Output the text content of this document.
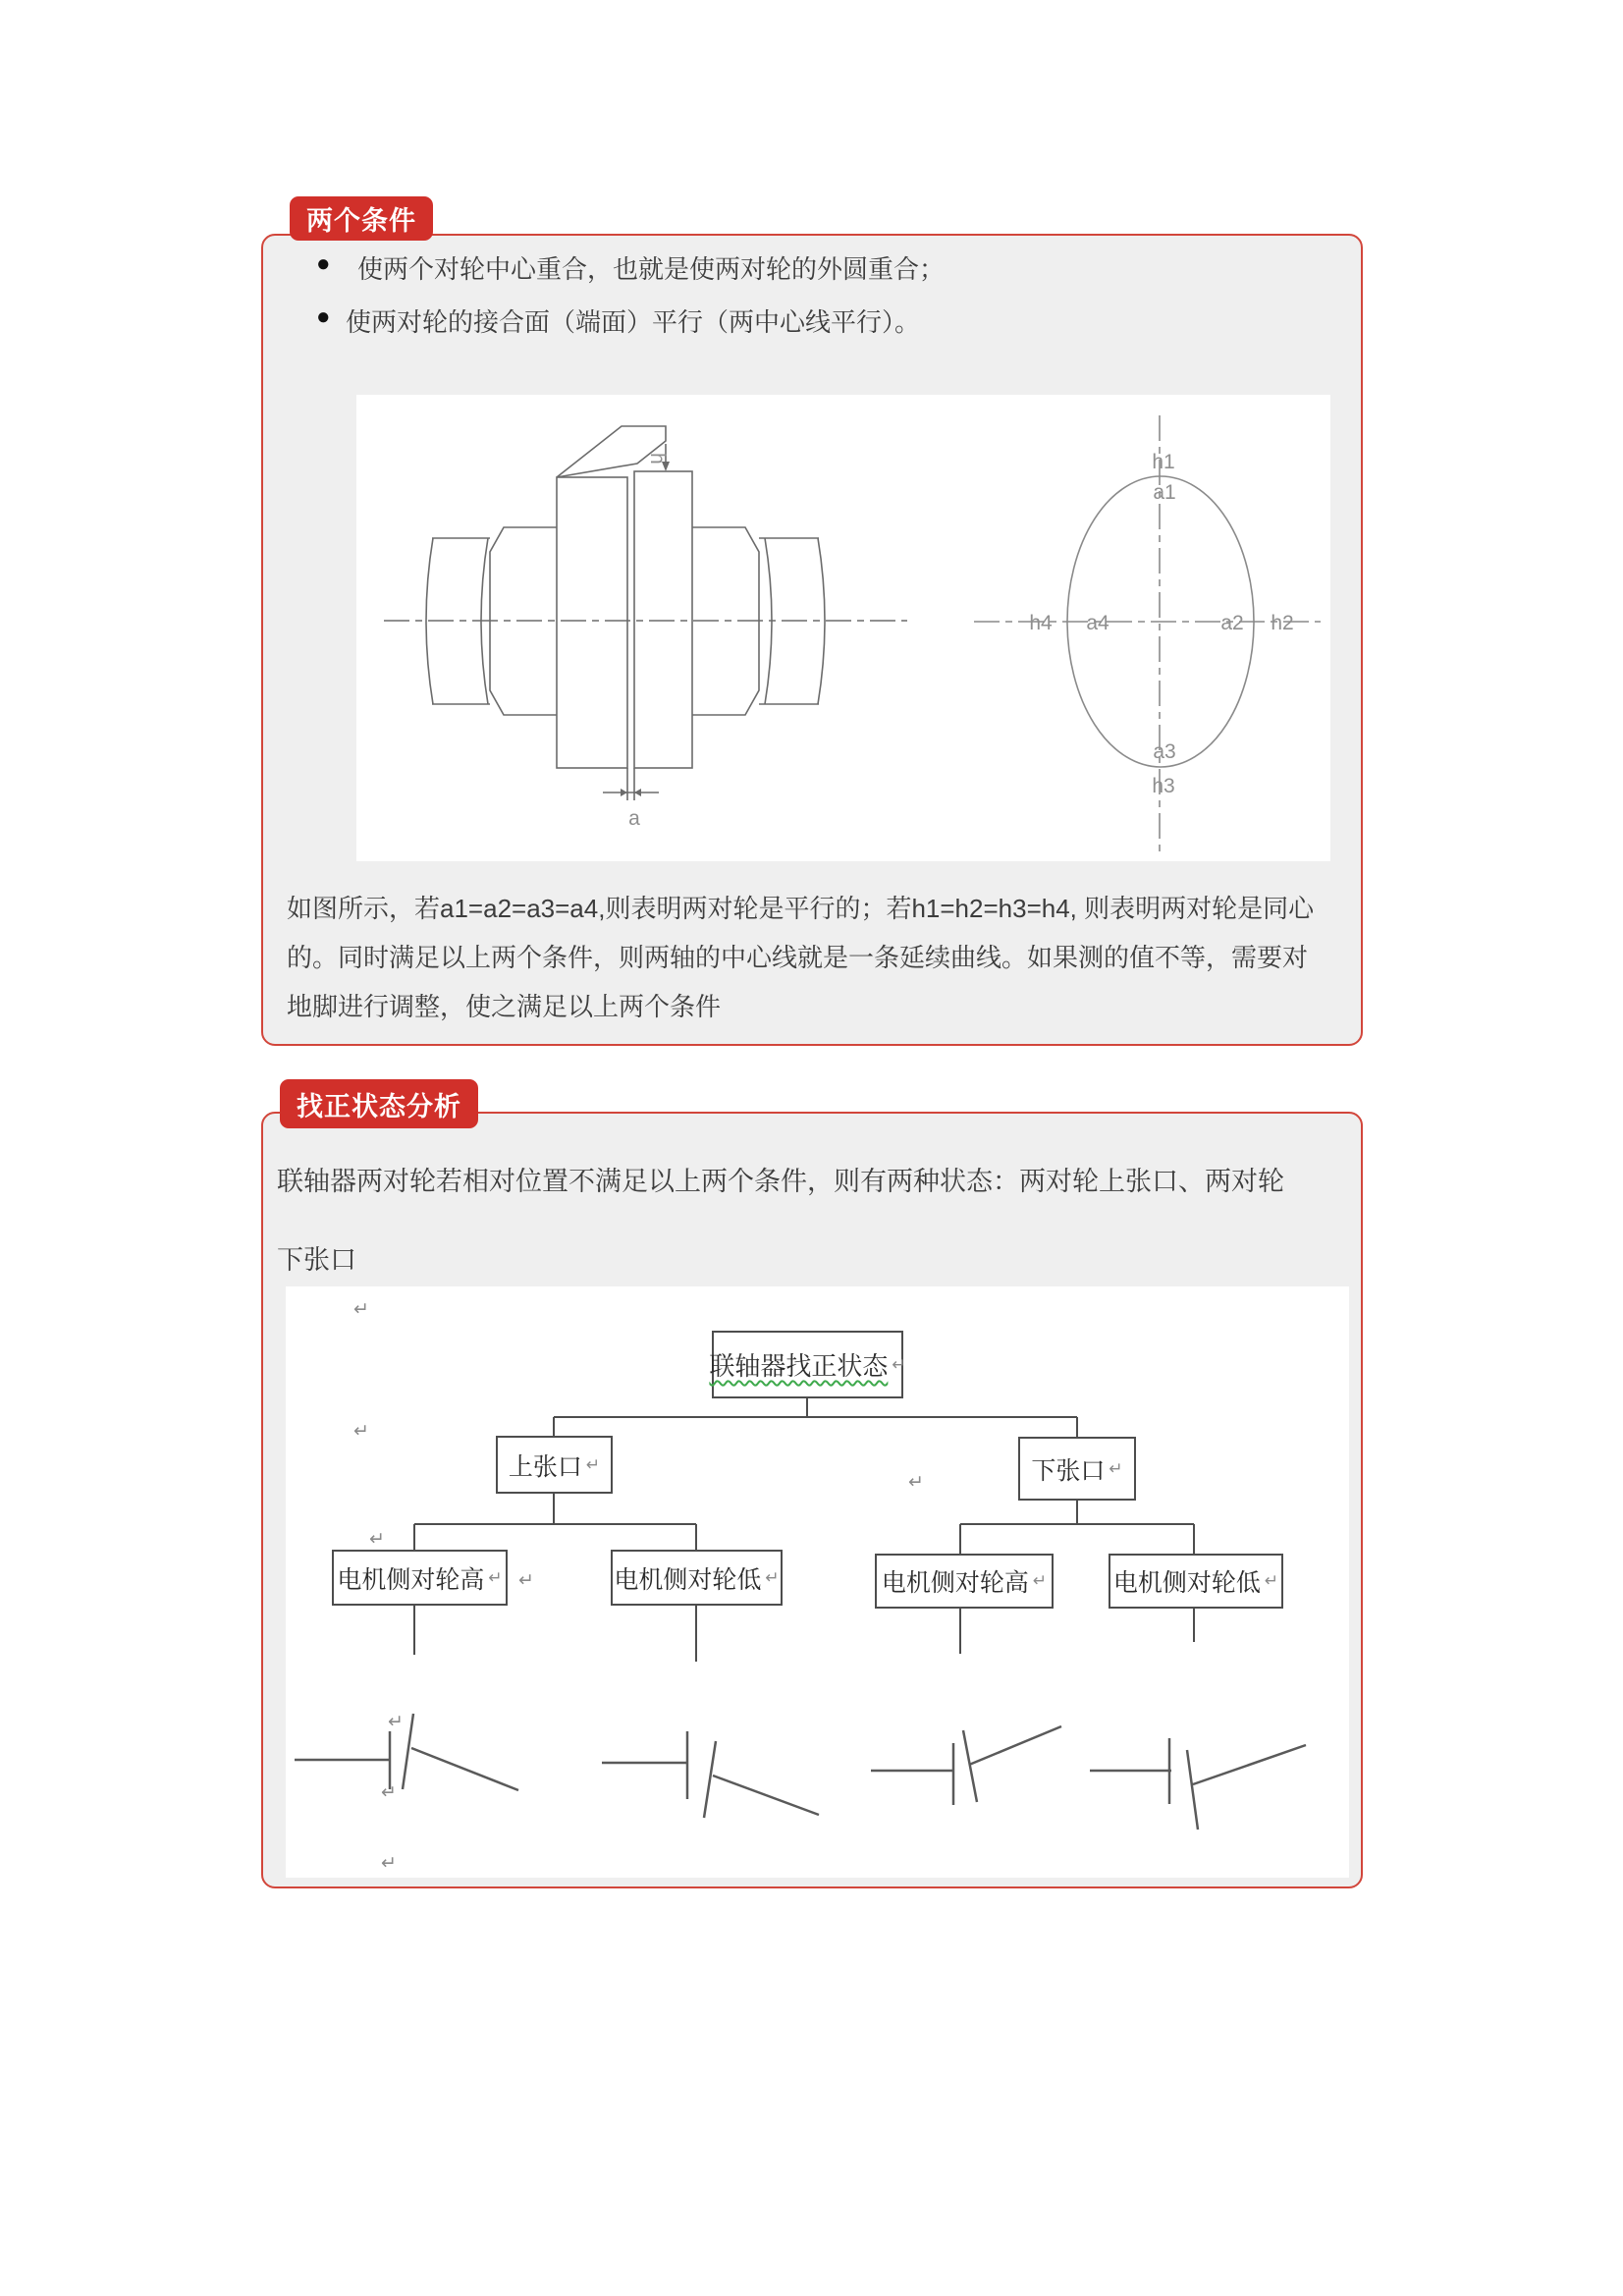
两个条件
●	使两个对轮中心重合，也就是使两对轮的外圆重合；
● 使两对轮的接合面（端面）平行（两中心线平行）。
h
a
h1
a1
h4 a4	a2 h2
a3
h3
如图所示，若a1=a2=a3=a4,则表明两对轮是平行的；若h1=h2=h3=h4, 则表明两对轮是同心的。同时满足以上两个条件，则两轴的中心线就是一条延续曲线。如果测的值不等，需要对地脚进行调整，使之满足以上两个条件
找正状态分析
联轴器两对轮若相对位置不满足以上两个条件，则有两种状态：两对轮上张口、两对轮下张口
联轴器找正状态 ↵
上张口 ↵	下张口 ↵
电机侧对轮高 ↵	电机侧对轮低 ↵	电机侧对轮高 ↵	电机侧对轮低 ↵
↵
↵
↵
↵
↵
↵
↵
↵
